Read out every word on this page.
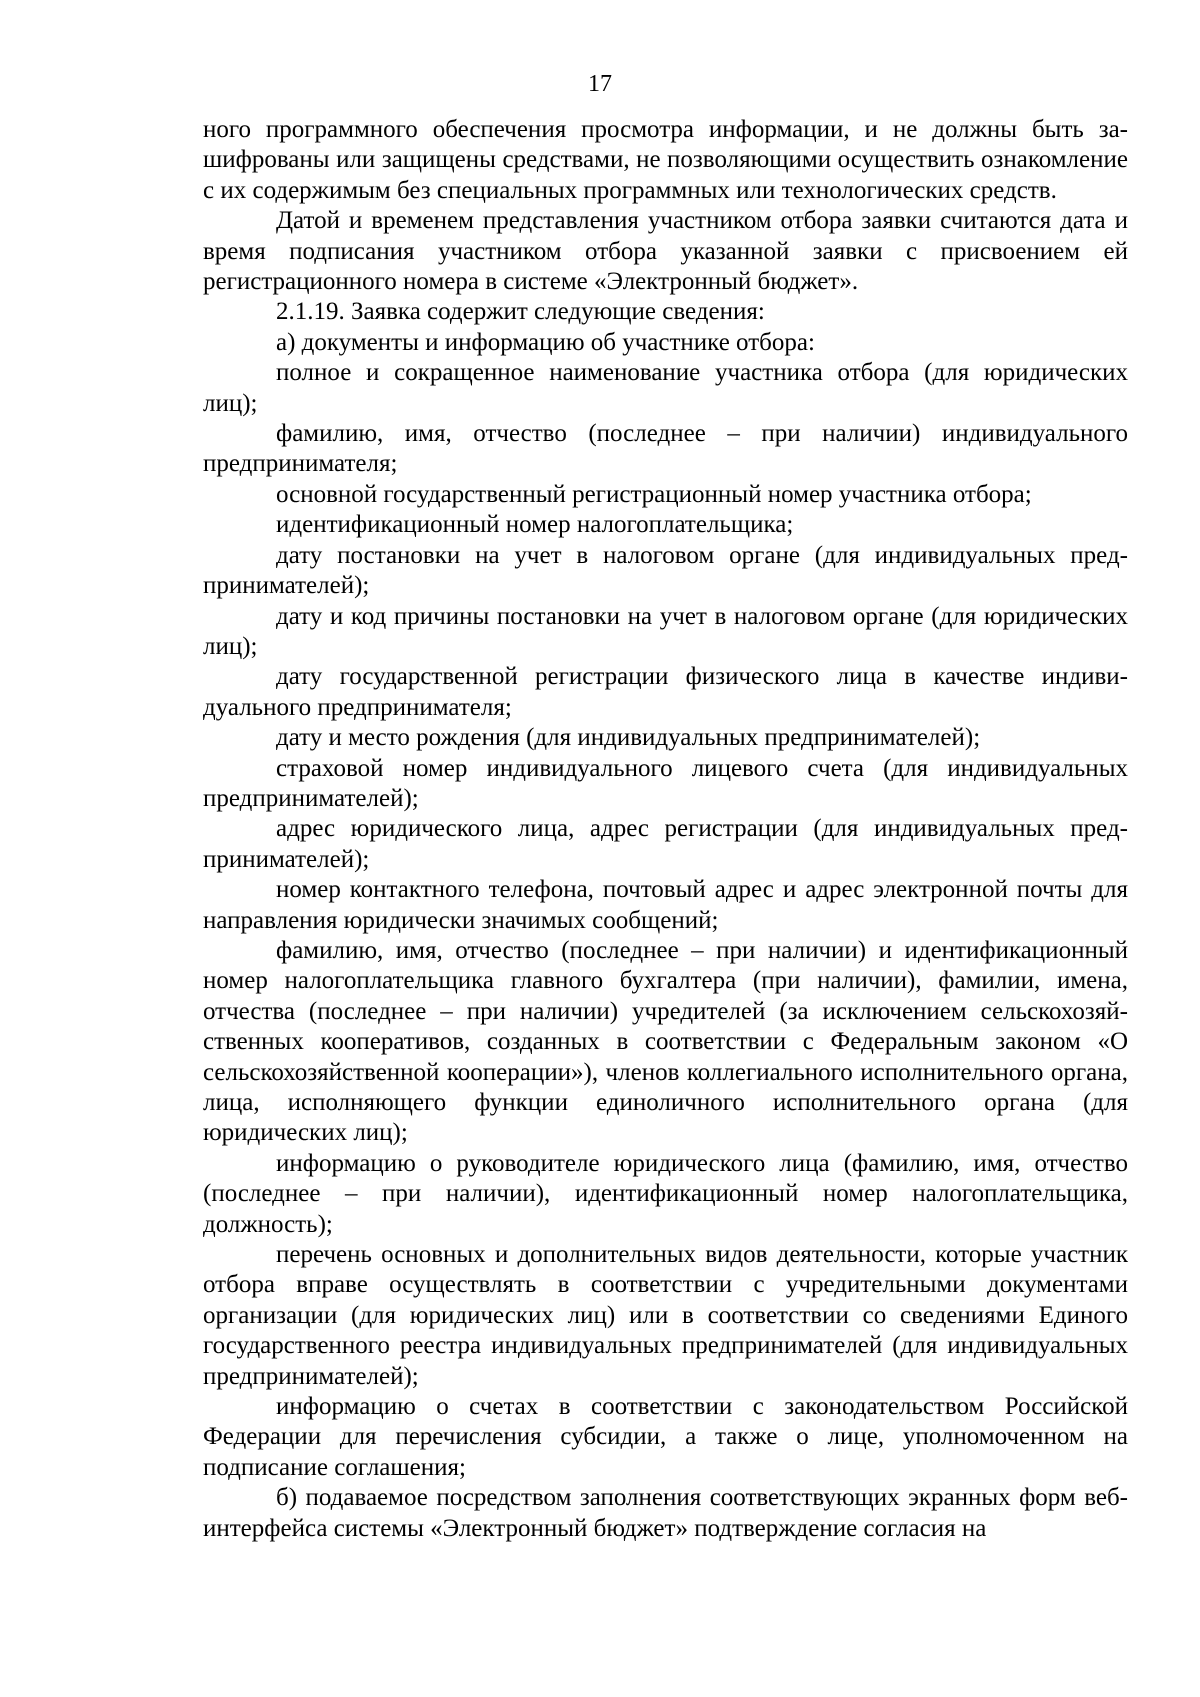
17

ного программного обеспечения просмотра информации, и не должны быть зашифрованы или защищены средствами, не позволяющими осуществить ознакомление с их содержимым без специальных программных или технологических средств.

Датой и временем представления участником отбора заявки считаются дата и время подписания участником отбора указанной заявки с присвоением ей регистрационного номера в системе «Электронный бюджет».

2.1.19. Заявка содержит следующие сведения:

а) документы и информацию об участнике отбора:

полное и сокращенное наименование участника отбора (для юридических лиц);

фамилию, имя, отчество (последнее – при наличии) индивидуального предпринимателя;

основной государственный регистрационный номер участника отбора;

идентификационный номер налогоплательщика;

дату постановки на учет в налоговом органе (для индивидуальных предпринимателей);

дату и код причины постановки на учет в налоговом органе (для юридических лиц);

дату государственной регистрации физического лица в качестве индивидуального предпринимателя;

дату и место рождения (для индивидуальных предпринимателей);

страховой номер индивидуального лицевого счета (для индивидуальных предпринимателей);

адрес юридического лица, адрес регистрации (для индивидуальных предпринимателей);

номер контактного телефона, почтовый адрес и адрес электронной почты для направления юридически значимых сообщений;

фамилию, имя, отчество (последнее – при наличии) и идентификационный номер налогоплательщика главного бухгалтера (при наличии), фамилии, имена, отчества (последнее – при наличии) учредителей (за исключением сельскохозяйственных кооперативов, созданных в соответствии с Федеральным законом «О сельскохозяйственной кооперации»), членов коллегиального исполнительного органа, лица, исполняющего функции единоличного исполнительного органа (для юридических лиц);

информацию о руководителе юридического лица (фамилию, имя, отчество (последнее – при наличии), идентификационный номер налогоплательщика, должность);

перечень основных и дополнительных видов деятельности, которые участник отбора вправе осуществлять в соответствии с учредительными документами организации (для юридических лиц) или в соответствии со сведениями Единого государственного реестра индивидуальных предпринимателей (для индивидуальных предпринимателей);

информацию о счетах в соответствии с законодательством Российской Федерации для перечисления субсидии, а также о лице, уполномоченном на подписание соглашения;

б) подаваемое посредством заполнения соответствующих экранных форм веб-интерфейса системы «Электронный бюджет» подтверждение согласия на
